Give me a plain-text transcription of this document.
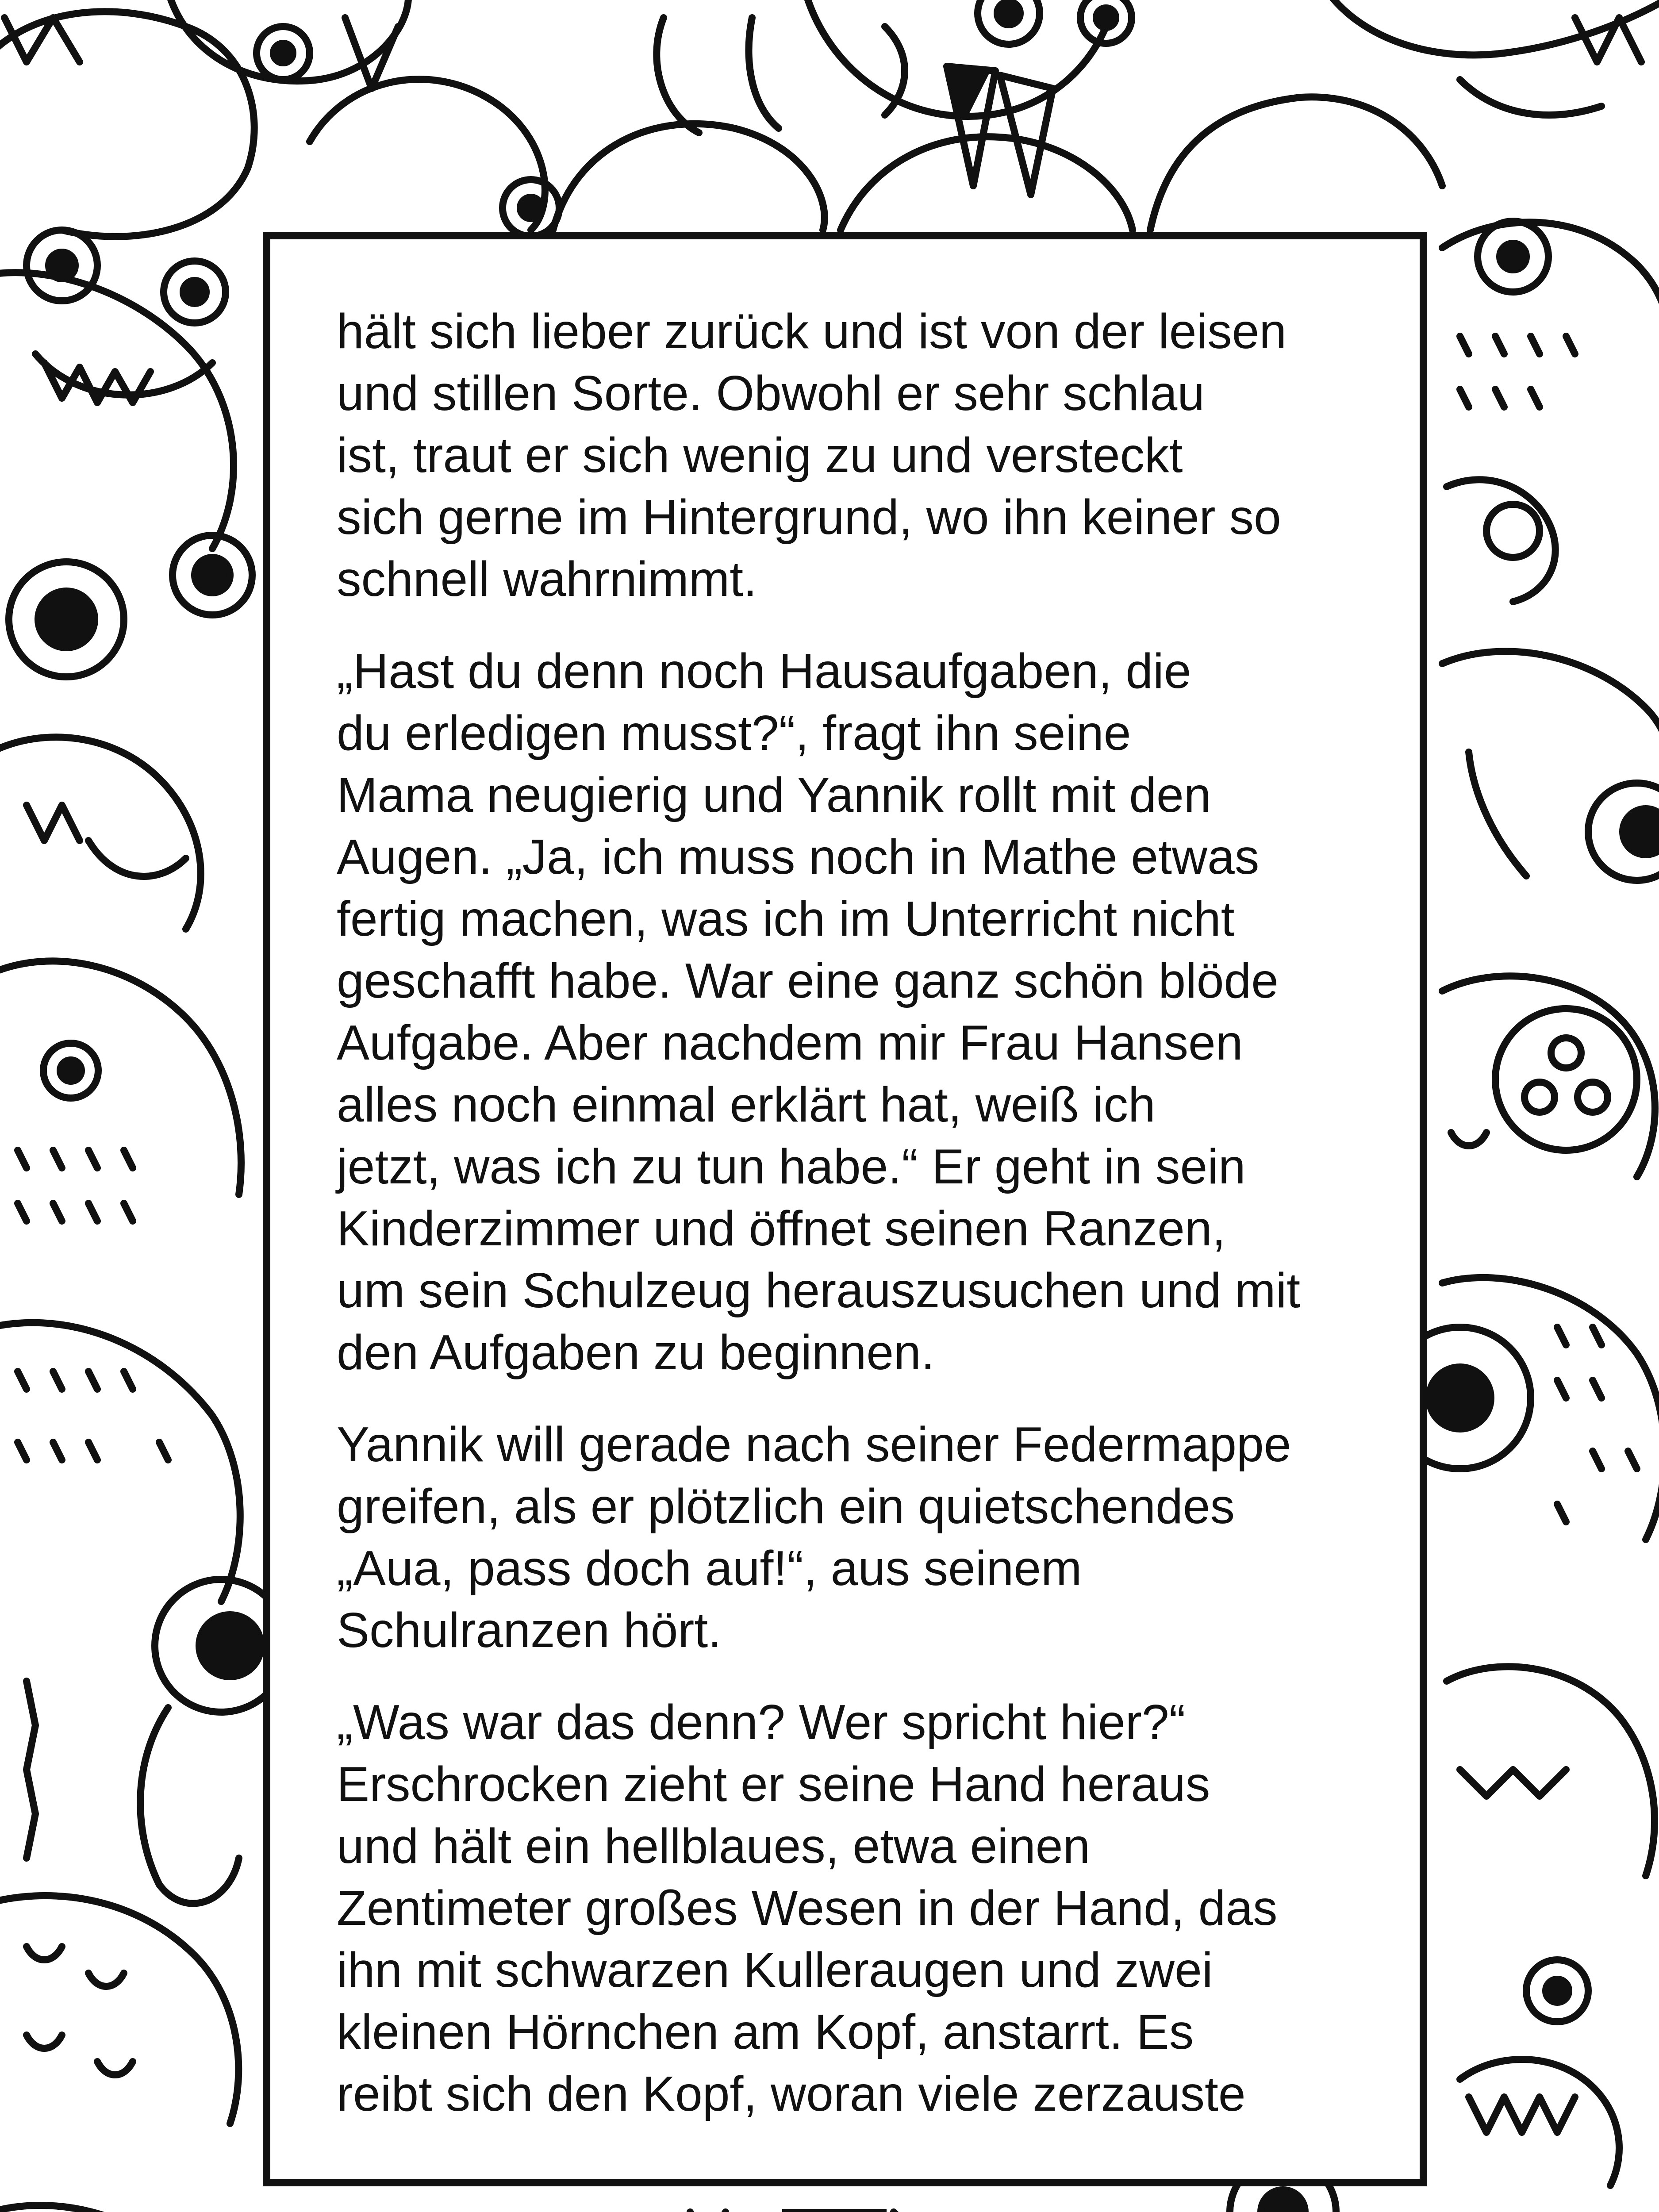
hält sich lieber zurück und ist von der leisen
und stillen Sorte. Obwohl er sehr schlau
ist, traut er sich wenig zu und versteckt
sich gerne im Hintergrund, wo ihn keiner so
schnell wahrnimmt.

„Hast du denn noch Hausaufgaben, die
du erledigen musst?“, fragt ihn seine
Mama neugierig und Yannik rollt mit den
Augen. „Ja, ich muss noch in Mathe etwas
fertig machen, was ich im Unterricht nicht
geschafft habe. War eine ganz schön blöde
Aufgabe. Aber nachdem mir Frau Hansen
alles noch einmal erklärt hat, weiß ich
jetzt, was ich zu tun habe.“ Er geht in sein
Kinderzimmer und öffnet seinen Ranzen,
um sein Schulzeug herauszusuchen und mit
den Aufgaben zu beginnen.

Yannik will gerade nach seiner Federmappe
greifen, als er plötzlich ein quietschendes
„Aua, pass doch auf!“, aus seinem
Schulranzen hört.

„Was war das denn? Wer spricht hier?“
Erschrocken zieht er seine Hand heraus
und hält ein hellblaues, etwa einen
Zentimeter großes Wesen in der Hand, das
ihn mit schwarzen Kulleraugen und zwei
kleinen Hörnchen am Kopf, anstarrt. Es
reibt sich den Kopf, woran viele zerzauste
